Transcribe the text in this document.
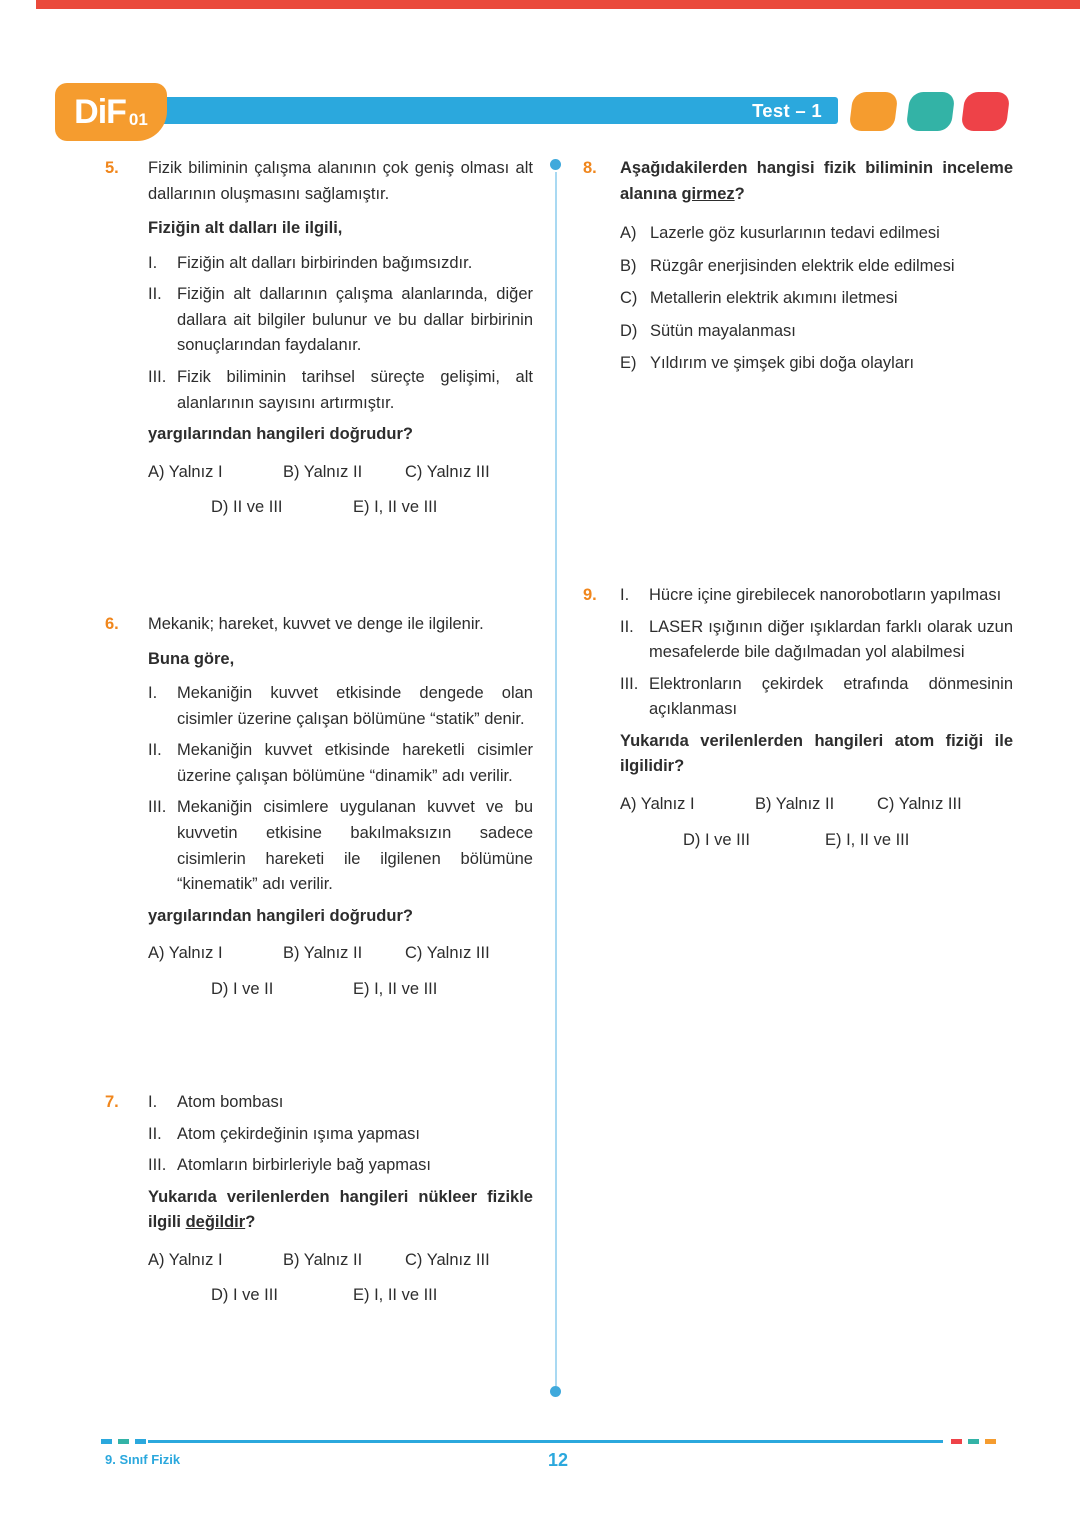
DiF 01	Test – 1
5.	Fizik biliminin çalışma alanının çok geniş olması alt dallarının oluşmasını sağlamıştır.

Fiziğin alt dalları ile ilgili,

I.	Fiziğin alt dalları birbirinden bağımsızdır.
II. Fiziğin alt dallarının çalışma alanlarında, diğer dallara ait bilgiler bulunur ve bu dallar birbirinin sonuçlarından faydalanır.
III. Fizik biliminin tarihsel süreçte gelişimi, alt alanlarının sayısını artırmıştır.

yargılarından hangileri doğrudur?

A) Yalnız I	B) Yalnız II	C) Yalnız III
D) II ve III	E) I, II ve III
6.	Mekanik; hareket, kuvvet ve denge ile ilgilenir.

Buna göre,

I.	Mekaniğin kuvvet etkisinde dengede olan cisimler üzerine çalışan bölümüne “statik” denir.
II. Mekaniğin kuvvet etkisinde hareketli cisimler üzerine çalışan bölümüne “dinamik” adı verilir.
III. Mekaniğin cisimlere uygulanan kuvvet ve bu kuvvetin etkisine bakılmaksızın sadece cisimlerin hareketi ile ilgilenen bölümüne “kinematik” adı verilir.

yargılarından hangileri doğrudur?

A) Yalnız I	B) Yalnız II	C) Yalnız III
D) I ve II	E) I, II ve III
7.	I.	Atom bombası
II. Atom çekirdeğinin ışıma yapması
III. Atomların birbirleriyle bağ yapması

Yukarıda verilenlerden hangileri nükleer fizikle ilgili değildir?

A) Yalnız I	B) Yalnız II	C) Yalnız III
D) I ve III	E) I, II ve III
8.	Aşağıdakilerden hangisi fizik biliminin inceleme alanına girmez?

A) Lazerle göz kusurlarının tedavi edilmesi
B) Rüzgâr enerjisinden elektrik elde edilmesi
C) Metallerin elektrik akımını iletmesi
D) Sütün mayalanması
E) Yıldırım ve şimşek gibi doğa olayları
9.	I.	Hücre içine girebilecek nanorobotların yapılması
II. LASER ışığının diğer ışıklardan farklı olarak uzun mesafelerde bile dağılmadan yol alabilmesi
III. Elektronların çekirdek etrafında dönmesinin açıklanması

Yukarıda verilenlerden hangileri atom fiziği ile ilgilidir?

A) Yalnız I	B) Yalnız II	C) Yalnız III
D) I ve III	E) I, II ve III
9. Sınıf Fizik	12
